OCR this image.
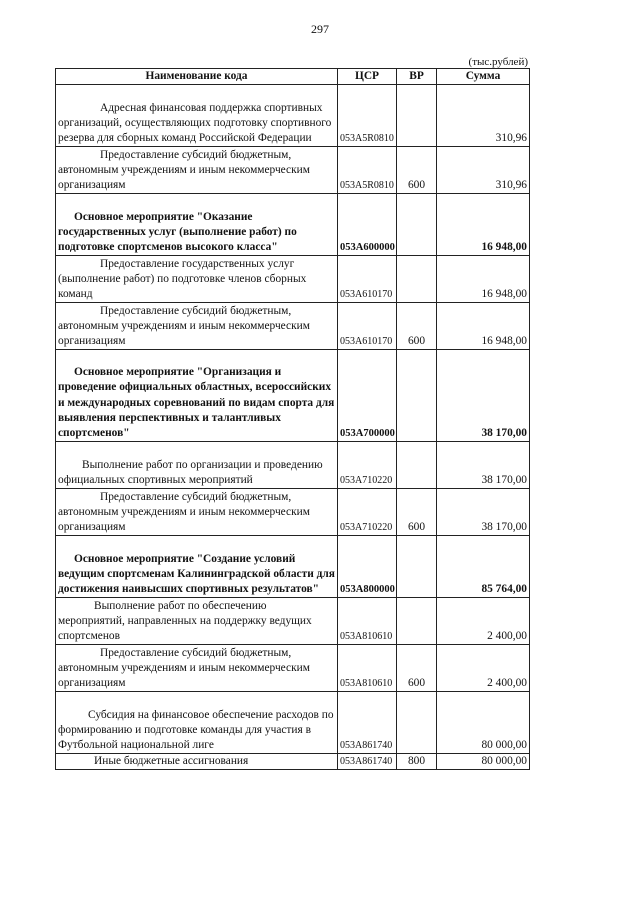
297
(тыс.рублей)
Наименование кода	ЦСР	ВР	Сумма
Адресная финансовая поддержка спортивных организаций, осуществляющих подготовку спортивного резерва для сборных команд Российской Федерации	053A5R0810		310,96
Предоставление субсидий бюджетным, автономным учреждениям и иным некоммерческим организациям	053A5R0810	600	310,96
Основное мероприятие "Оказание государственных услуг (выполнение работ) по подготовке спортсменов высокого класса"	053A600000		16 948,00
Предоставление государственных услуг (выполнение работ) по подготовке членов сборных команд	053A610170		16 948,00
Предоставление субсидий бюджетным, автономным учреждениям и иным некоммерческим организациям	053A610170	600	16 948,00
Основное мероприятие "Организация и проведение официальных областных, всероссийских и международных соревнований по видам спорта для выявления перспективных и талантливых спортсменов"	053A700000		38 170,00
Выполнение работ по организации и проведению официальных спортивных мероприятий	053A710220		38 170,00
Предоставление субсидий бюджетным, автономным учреждениям и иным некоммерческим организациям	053A710220	600	38 170,00
Основное мероприятие "Создание условий ведущим спортсменам Калининградской области для достижения наивысших спортивных результатов"	053A800000		85 764,00
Выполнение работ по обеспечению мероприятий, направленных на поддержку ведущих спортсменов	053A810610		2 400,00
Предоставление субсидий бюджетным, автономным учреждениям и иным некоммерческим организациям	053A810610	600	2 400,00
Субсидия на финансовое обеспечение расходов по формированию и подготовке команды для участия в Футбольной национальной лиге	053A861740		80 000,00
Иные бюджетные ассигнования	053A861740	800	80 000,00
